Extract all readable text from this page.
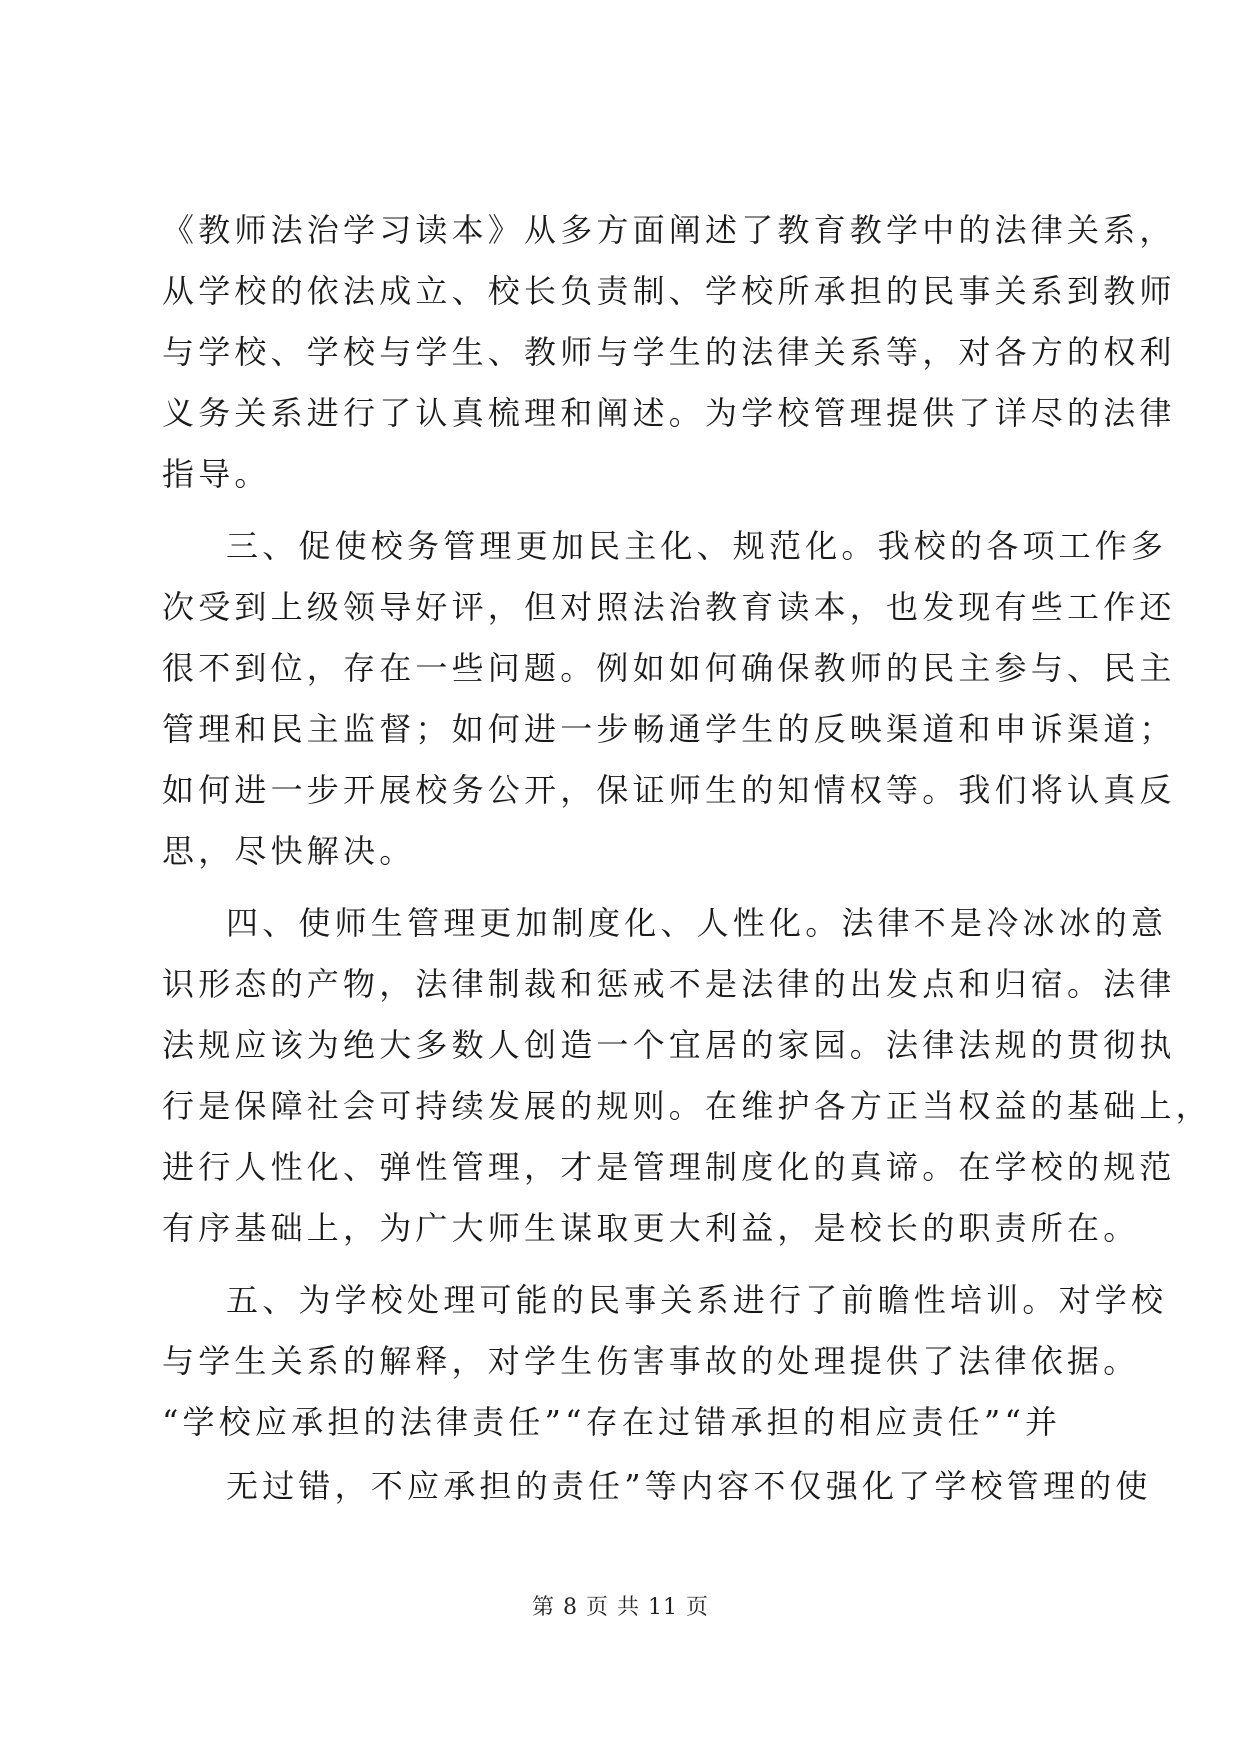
《教师法治学习读本》从多方面阐述了教育教学中的法律关系，
从学校的依法成立、校长负责制、学校所承担的民事关系到教师
与学校、学校与学生、教师与学生的法律关系等，对各方的权利
义务关系进行了认真梳理和阐述。为学校管理提供了详尽的法律
指导。
三、促使校务管理更加民主化、规范化。我校的各项工作多
次受到上级领导好评，但对照法治教育读本，也发现有些工作还
很不到位，存在一些问题。例如如何确保教师的民主参与、民主
管理和民主监督；如何进一步畅通学生的反映渠道和申诉渠道；
如何进一步开展校务公开，保证师生的知情权等。我们将认真反
思，尽快解决。
四、使师生管理更加制度化、人性化。法律不是冷冰冰的意
识形态的产物，法律制裁和惩戒不是法律的出发点和归宿。法律
法规应该为绝大多数人创造一个宜居的家园。法律法规的贯彻执
行是保障社会可持续发展的规则。在维护各方正当权益的基础上，
进行人性化、弹性管理，才是管理制度化的真谛。在学校的规范
有序基础上，为广大师生谋取更大利益，是校长的职责所在。
五、为学校处理可能的民事关系进行了前瞻性培训。对学校
与学生关系的解释，对学生伤害事故的处理提供了法律依据。
“学校应承担的法律责任”“存在过错承担的相应责任”“并
无过错，不应承担的责任”等内容不仅强化了学校管理的使
第 8 页 共 11 页
